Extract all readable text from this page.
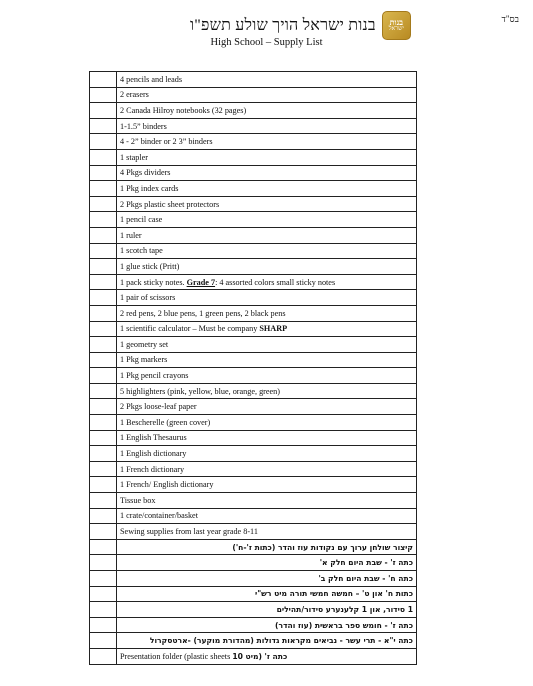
בס"ד
בנות ישראל הויך שולע תשפ"ו בנות
ישראל
High School – Supply List
	4 pencils and leads
	2 erasers
	2 Canada Hilroy notebooks (32 pages)
	1-1.5” binders
	4 - 2” binder or 2 3” binders
	1 stapler
	4 Pkgs dividers
	1 Pkg index cards
	2 Pkgs plastic sheet protectors
	1 pencil case
	1 ruler
	1 scotch tape
	1 glue stick (Pritt)
	1 pack sticky notes. Grade 7: 4 assorted colors small sticky notes
	1 pair of scissors
	2 red pens, 2 blue pens, 1 green pens, 2 black pens
	1 scientific calculator – Must be company SHARP
	1 geometry set
	1 Pkg markers
	1 Pkg pencil crayons
	5 highlighters (pink, yellow, blue, orange, green)
	2 Pkgs loose-leaf paper
	1 Bescherelle (green cover)
	1 English Thesaurus
	1 English dictionary
	1 French dictionary
	1 French/ English dictionary
	Tissue box
	1 crate/container/basket
	Sewing supplies from last year grade 8-11
	קיצור שולחן ערוך עם נקודות עוז והדר (כתות ז'-ח')
	כתה ז' - שבת היום חלק א'
	כתה ח' - שבת היום חלק ב'
	כתות ח' און ט' – חמשה חמשי תורה מיט רש"י
	1 סידור, און 1 קלענערע סידור/תהילים
	כתה ז' - חומש ספר בראשית (עוז והדר)
	כתה י"א - תרי עשר - נביאים מקראות גדולות (מהדורת מוקער) -ארטסקרול
	Presentation folder (plastic sheets כתה ז' (מיט 10
